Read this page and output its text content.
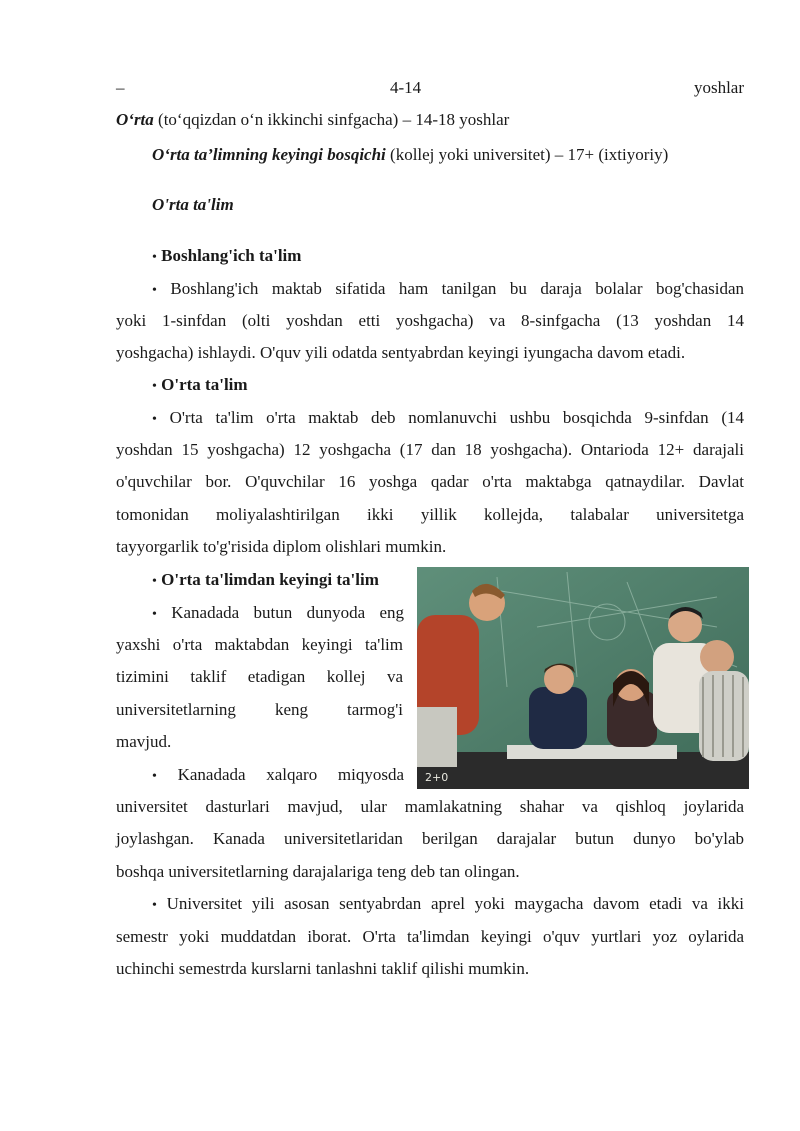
–	4-14	yoshlar
O‘rta (to‘qqizdan o‘n ikkinchi sinfgacha) – 14-18 yoshlar
O‘rta ta’limning keyingi bosqichi (kollej yoki universitet) – 17+ (ixtiyoriy)
O'rta ta'lim
• Boshlang'ich ta'lim
• Boshlang'ich maktab sifatida ham tanilgan bu daraja bolalar bog'chasidan
yoki 1-sinfdan (olti yoshdan etti yoshgacha) va 8-sinfgacha (13 yoshdan 14
yoshgacha) ishlaydi. O'quv yili odatda sentyabrdan keyingi iyungacha davom etadi.
• O'rta ta'lim
• O'rta ta'lim o'rta maktab deb nomlanuvchi ushbu bosqichda 9-sinfdan (14
yoshdan 15 yoshgacha) 12 yoshgacha (17 dan 18 yoshgacha). Ontarioda 12+ darajali
o'quvchilar bor. O'quvchilar 16 yoshga qadar o'rta maktabga qatnaydilar. Davlat
tomonidan moliyalashtirilgan ikki yillik kollejda, talabalar universitetga
tayyorgarlik to'g'risida diplom olishlari mumkin.
• O'rta ta'limdan keyingi ta'lim
• Kanadada butun dunyoda eng
yaxshi o'rta maktabdan keyingi ta'lim
tizimini taklif etadigan kollej va
universitetlarning keng tarmog'i
mavjud.
• Kanadada xalqaro miqyosda
universitet dasturlari mavjud, ular mamlakatning shahar va qishloq joylarida
joylashgan. Kanada universitetlaridan berilgan darajalar butun dunyo bo'ylab
boshqa universitetlarning darajalariga teng deb tan olingan.
• Universitet yili asosan sentyabrdan aprel yoki maygacha davom etadi va ikki
semestr yoki muddatdan iborat. O'rta ta'limdan keyingi o'quv yurtlari yoz oylarida
uchinchi semestrda kurslarni tanlashni taklif qilishi mumkin.
2+0
